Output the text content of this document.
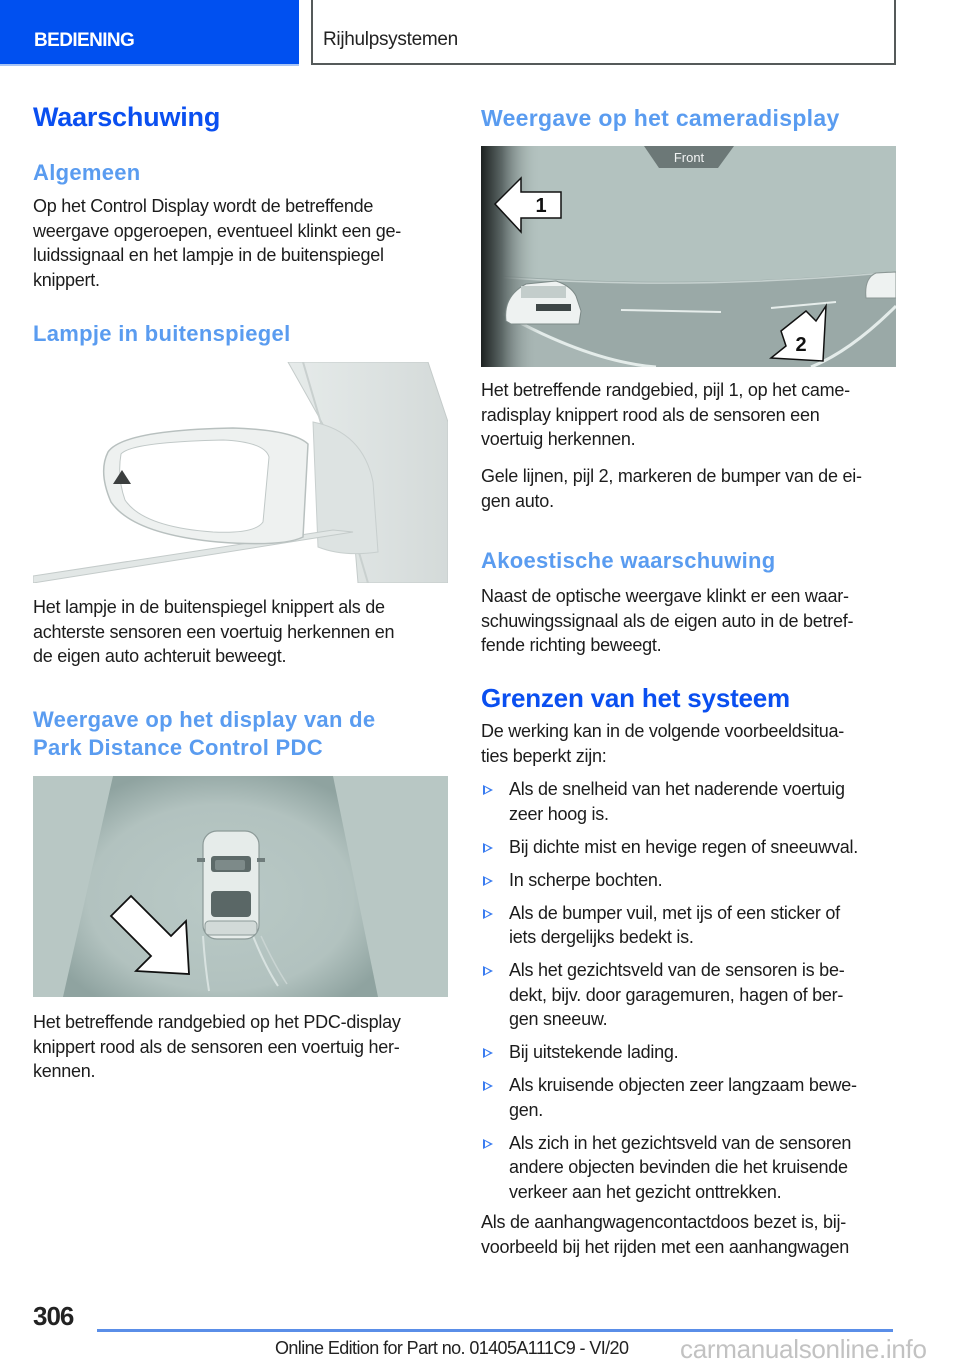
BEDIENING	Rijhulpsystemen
Waarschuwing
Algemeen
Op het Control Display wordt de betreffende
weergave opgeroepen, eventueel klinkt een ge-
luidssignaal en het lampje in de buitenspiegel
knippert.
Lampje in buitenspiegel
Het lampje in de buitenspiegel knippert als de
achterste sensoren een voertuig herkennen en
de eigen auto achteruit beweegt.
Weergave op het display van de
Park Distance Control PDC
Het betreffende randgebied op het PDC-display
knippert rood als de sensoren een voertuig her-
kennen.
Weergave op het cameradisplay
Front
1
2
Het betreffende randgebied, pijl 1, op het came-
radisplay knippert rood als de sensoren een
voertuig herkennen.
Gele lijnen, pijl 2, markeren de bumper van de ei-
gen auto.
Akoestische waarschuwing
Naast de optische weergave klinkt er een waar-
schuwingssignaal als de eigen auto in de betref-
fende richting beweegt.
Grenzen van het systeem
De werking kan in de volgende voorbeeldsitua-
ties beperkt zijn:
Als de snelheid van het naderende voertuig
zeer hoog is.
Bij dichte mist en hevige regen of sneeuwval.
In scherpe bochten.
Als de bumper vuil, met ijs of een sticker of
iets dergelijks bedekt is.
Als het gezichtsveld van de sensoren is be-
dekt, bijv. door garagemuren, hagen of ber-
gen sneeuw.
Bij uitstekende lading.
Als kruisende objecten zeer langzaam bewe-
gen.
Als zich in het gezichtsveld van de sensoren
andere objecten bevinden die het kruisende
verkeer aan het gezicht onttrekken.
Als de aanhangwagencontactdoos bezet is, bij-
voorbeeld bij het rijden met een aanhangwagen
306
Online Edition for Part no. 01405A111C9 - VI/20 carmanualsonline.info
